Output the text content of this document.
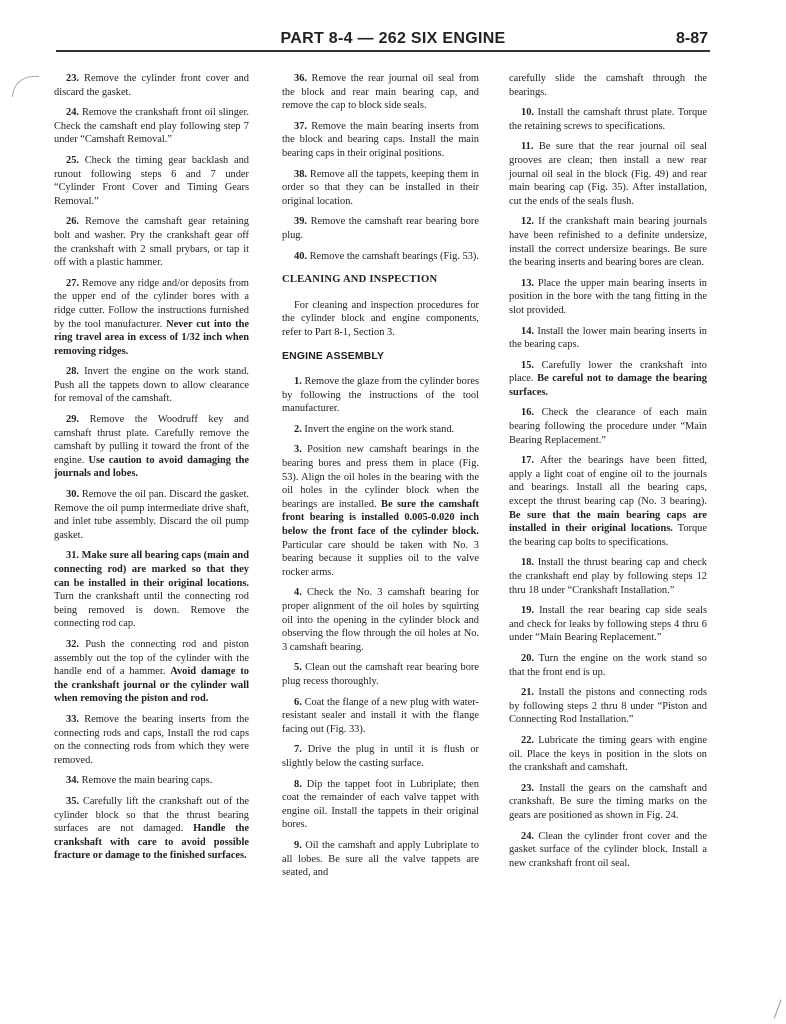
PART 8-4 — 262 SIX ENGINE	8-87

23. Remove the cylinder front cover and discard the gasket.

24. Remove the crankshaft front oil slinger. Check the camshaft end play following step 7 under “Camshaft Removal.”

25. Check the timing gear backlash and runout following steps 6 and 7 under “Cylinder Front Cover and Timing Gears Removal.”

26. Remove the camshaft gear retaining bolt and washer. Pry the crankshaft gear off the crankshaft with 2 small prybars, or tap it off with a plastic hammer.

27. Remove any ridge and/or deposits from the upper end of the cylinder bores with a ridge cutter. Follow the instructions furnished by the tool manufacturer. Never cut into the ring travel area in excess of 1/32 inch when removing ridges.

28. Invert the engine on the work stand. Push all the tappets down to allow clearance for removal of the camshaft.

29. Remove the Woodruff key and camshaft thrust plate. Carefully remove the camshaft by pulling it toward the front of the engine. Use caution to avoid damaging the journals and lobes.

30. Remove the oil pan. Discard the gasket. Remove the oil pump intermediate drive shaft, and inlet tube assembly. Discard the oil pump gasket.

31. Make sure all bearing caps (main and connecting rod) are marked so that they can be installed in their original locations. Turn the crankshaft until the connecting rod being removed is down. Remove the connecting rod cap.

32. Push the connecting rod and piston assembly out the top of the cylinder with the handle end of a hammer. Avoid damage to the crankshaft journal or the cylinder wall when removing the piston and rod.

33. Remove the bearing inserts from the connecting rods and caps, Install the rod caps on the connecting rods from which they were removed.

34. Remove the main bearing caps.

35. Carefully lift the crankshaft out of the cylinder block so that the thrust bearing surfaces are not damaged. Handle the crankshaft with care to avoid possible fracture or damage to the finished surfaces.

36. Remove the rear journal oil seal from the block and rear main bearing cap, and remove the cap to block side seals.

37. Remove the main bearing inserts from the block and bearing caps. Install the main bearing caps in their original positions.

38. Remove all the tappets, keeping them in order so that they can be installed in their original location.

39. Remove the camshaft rear bearing bore plug.

40. Remove the camshaft bearings (Fig. 53).

CLEANING AND INSPECTION

For cleaning and inspection procedures for the cylinder block and engine components, refer to Part 8-1, Section 3.

ENGINE ASSEMBLY

1. Remove the glaze from the cylinder bores by following the instructions of the tool manufacturer.

2. Invert the engine on the work stand.

3. Position new camshaft bearings in the bearing bores and press them in place (Fig. 53). Align the oil holes in the bearing with the oil holes in the cylinder block when the bearings are installed. Be sure the camshaft front bearing is installed 0.005-0.020 inch below the front face of the cylinder block. Particular care should be taken with No. 3 bearing because it supplies oil to the valve rocker arms.

4. Check the No. 3 camshaft bearing for proper alignment of the oil holes by squirting oil into the opening in the cylinder block and observing the flow through the oil holes at No. 3 camshaft bearing.

5. Clean out the camshaft rear bearing bore plug recess thoroughly.

6. Coat the flange of a new plug with water-resistant sealer and install it with the flange facing out (Fig. 33).

7. Drive the plug in until it is flush or slightly below the casting surface.

8. Dip the tappet foot in Lubriplate; then coat the remainder of each valve tappet with engine oil. Install the tappets in their original bores.

9. Oil the camshaft and apply Lubriplate to all lobes. Be sure all the valve tappets are seated, and

carefully slide the camshaft through the bearings.

10. Install the camshaft thrust plate. Torque the retaining screws to specifications.

11. Be sure that the rear journal oil seal grooves are clean; then install a new rear journal oil seal in the block (Fig. 49) and rear main bearing cap (Fig. 35). After installation, cut the ends of the seals flush.

12. If the crankshaft main bearing journals have been refinished to a definite undersize, install the correct undersize bearings. Be sure the bearing inserts and bearing bores are clean.

13. Place the upper main bearing inserts in position in the bore with the tang fitting in the slot provided.

14. Install the lower main bearing inserts in the bearing caps.

15. Carefully lower the crankshaft into place. Be careful not to damage the bearing surfaces.

16. Check the clearance of each main bearing following the procedure under “Main Bearing Replacement.”

17. After the bearings have been fitted, apply a light coat of engine oil to the journals and bearings. Install all the bearing caps, except the thrust bearing cap (No. 3 bearing). Be sure that the main bearing caps are installed in their original locations. Torque the bearing cap bolts to specifications.

18. Install the thrust bearing cap and check the crankshaft end play by following steps 12 thru 18 under “Crankshaft Installation.”

19. Install the rear bearing cap side seals and check for leaks by following steps 4 thru 6 under “Main Bearing Replacement.”

20. Turn the engine on the work stand so that the front end is up.

21. Install the pistons and connecting rods by following steps 2 thru 8 under “Piston and Connecting Rod Installation.”

22. Lubricate the timing gears with engine oil. Place the keys in position in the slots on the crankshaft and camshaft.

23. Install the gears on the camshaft and crankshaft. Be sure the timing marks on the gears are positioned as shown in Fig. 24.

24. Clean the cylinder front cover and the gasket surface of the cylinder block. Install a new crankshaft front oil seal.
